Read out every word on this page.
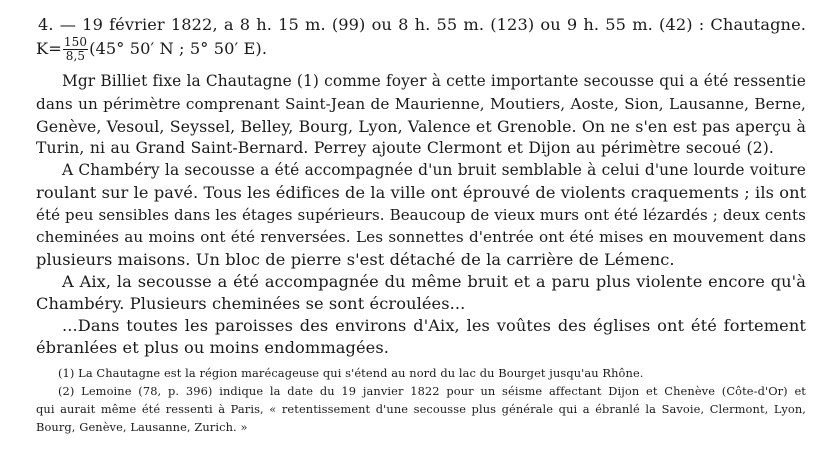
4. — 19 février 1822, a 8 h. 15 m. (99) ou 8 h. 55 m. (123) ou 9 h. 55 m. (42) : Chautagne.
$K= \frac{150}{8,5} (45^\circ$ 50′ N ; 5° 50′ E).
Mgr Billiet fixe la Chautagne (1) comme foyer à cette importante secousse qui a été ressentie
dans un périmètre comprenant Saint-Jean de Maurienne, Moutiers, Aoste, Sion, Lausanne, Berne,
Genève, Vesoul, Seyssel, Belley, Bourg, Lyon, Valence et Grenoble. On ne s'en est pas aperçu à
Turin, ni au Grand Saint-Bernard. Perrey ajoute Clermont et Dijon au périmètre secoué (2).
A Chambéry la secousse a été accompagnée d'un bruit semblable à celui d'une lourde voiture
roulant sur le pavé. Tous les édifices de la ville ont éprouvé de violents craquements ; ils ont
été peu sensibles dans les étages supérieurs. Beaucoup de vieux murs ont été lézardés ; deux cents
cheminées au moins ont été renversées. Les sonnettes d'entrée ont été mises en mouvement dans
plusieurs maisons. Un bloc de pierre s'est détaché de la carrière de Lémenc.
A Aix, la secousse a été accompagnée du même bruit et a paru plus violente encore qu'à
Chambéry. Plusieurs cheminées se sont écroulées...
...Dans toutes les paroisses des environs d'Aix, les voûtes des églises ont été fortement
ébranlées et plus ou moins endommagées.
(1) La Chautagne est la région marécageuse qui s'étend au nord du lac du Bourget jusqu'au Rhône.
(2) Lemoine (78, p. 396) indique la date du 19 janvier 1822 pour un séisme affectant Dijon et Chenève (Côte-d'Or) et
qui aurait même été ressenti à Paris, « retentissement d'une secousse plus générale qui a ébranlé la Savoie, Clermont, Lyon,
Bourg, Genève, Lausanne, Zurich. »
